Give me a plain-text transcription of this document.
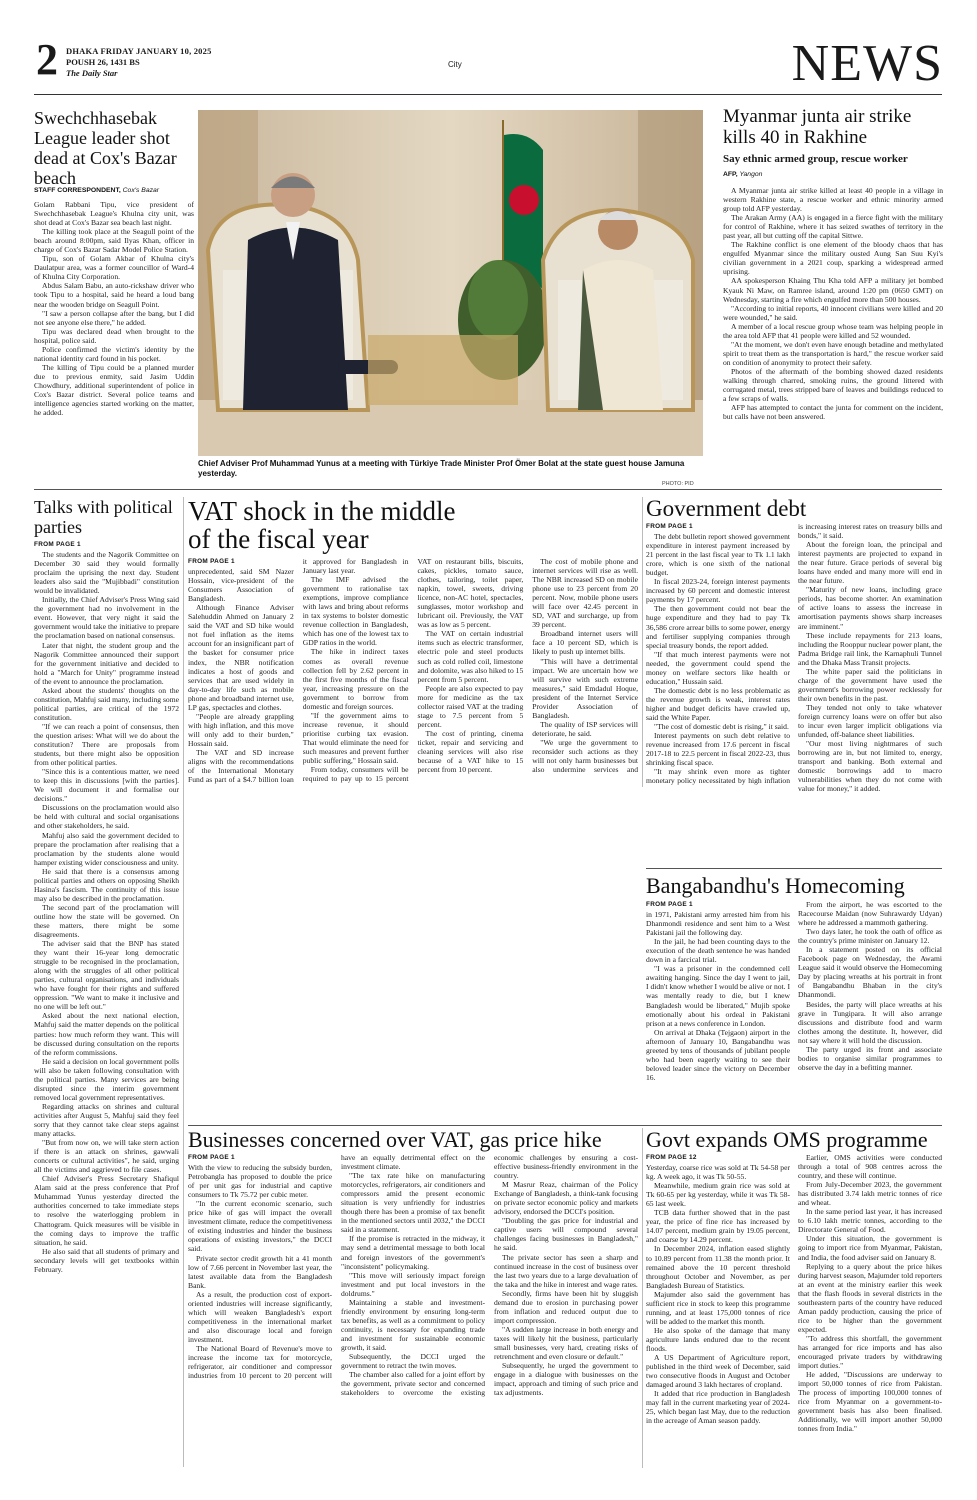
2 DHAKA FRIDAY JANUARY 10, 2025
POUSH 26, 1431 BS
The Daily Star
City	NEWS
Swechchhasebak League leader shot dead at Cox's Bazar beach
STAFF CORRESPONDENT, Cox's Bazar

Golam Rabbani Tipu, vice president of Swechchhasebak League's Khulna city unit, was shot dead at Cox's Bazar sea beach last night.

The killing took place at the Seagull point of the beach around 8:00pm, said Ilyas Khan, officer in charge of Cox's Bazar Sadar Model Police Station.

Tipu, son of Golam Akbar of Khulna city's Daulatpur area, was a former councillor of Ward-4 of Khulna City Corporation.

Abdus Salam Babu, an auto-rickshaw driver who took Tipu to a hospital, said he heard a loud bang near the wooden bridge on Seagull Point.

"I saw a person collapse after the bang, but I did not see anyone else there," he added.

Tipu was declared dead when brought to the hospital, police said.

Police confirmed the victim's identity by the national identity card found in his pocket.

The killing of Tipu could be a planned murder due to previous enmity, said Jasim Uddin Chowdhury, additional superintendent of police in Cox's Bazar district. Several police teams and intelligence agencies started working on the matter, he added.

Chief Adviser Prof Muhammad Yunus at a meeting with Türkiye Trade Minister Prof Ömer Bolat at the state guest house Jamuna yesterday.
PHOTO: PID
Myanmar junta air strike kills 40 in Rakhine
Say ethnic armed group, rescue worker
AFP, Yangon

A Myanmar junta air strike killed at least 40 people in a village in western Rakhine state, a rescue worker and ethnic minority armed group told AFP yesterday.

The Arakan Army (AA) is engaged in a fierce fight with the military for control of Rakhine, where it has seized swathes of territory in the past year, all but cutting off the capital Sittwe.

The Rakhine conflict is one element of the bloody chaos that has engulfed Myanmar since the military ousted Aung San Suu Kyi's civilian government in a 2021 coup, sparking a widespread armed uprising.

AA spokesperson Khaing Thu Kha told AFP a military jet bombed Kyauk Ni Maw, on Ramree island, around 1:20 pm (0650 GMT) on Wednesday, starting a fire which engulfed more than 500 houses.

"According to initial reports, 40 innocent civilians were killed and 20 were wounded," he said.

A member of a local rescue group whose team was helping people in the area told AFP that 41 people were killed and 52 wounded.

"At the moment, we don't even have enough betadine and methylated spirit to treat them as the transportation is hard," the rescue worker said on condition of anonymity to protect their safety.

Photos of the aftermath of the bombing showed dazed residents walking through charred, smoking ruins, the ground littered with corrugated metal, trees stripped bare of leaves and buildings reduced to a few scraps of walls.

AFP has attempted to contact the junta for comment on the incident, but calls have not been answered.

Talks with political parties
FROM PAGE 1

The students and the Nagorik Committee on December 30 said they would formally proclaim the uprising the next day. Student leaders also said the "Mujibbadi" constitution would be invalidated.

Initially, the Chief Adviser's Press Wing said the government had no involvement in the event. However, that very night it said the government would take the initiative to prepare the proclamation based on national consensus.

Later that night, the student group and the Nagorik Committee announced their support for the government initiative and decided to hold a "March for Unity" programme instead of the event to announce the proclamation.

Asked about the students' thoughts on the constitution, Mahfuj said many, including some political parties, are critical of the 1972 constitution.

"If we can reach a point of consensus, then the question arises: What will we do about the constitution? There are proposals from students, but there might also be opposition from other political parties.

"Since this is a contentious matter, we need to keep this in discussions [with the parties]. We will document it and formalise our decisions."

Discussions on the proclamation would also be held with cultural and social organisations and other stakeholders, he said.

Mahfuj also said the government decided to prepare the proclamation after realising that a proclamation by the students alone would hamper existing wider consciousness and unity.

He said that there is a consensus among political parties and others on opposing Sheikh Hasina's fascism. The continuity of this issue may also be described in the proclamation.

The second part of the proclamation will outline how the state will be governed. On these matters, there might be some disagreements.

The adviser said that the BNP has stated they want their 16-year long democratic struggle to be recognised in the proclamation, along with the struggles of all other political parties, cultural organisations, and individuals who have fought for their rights and suffered oppression. "We want to make it inclusive and no one will be left out."

Asked about the next national election, Mahfuj said the matter depends on the political parties: how much reform they want. This will be discussed during consultation on the reports of the reform commissions.

He said a decision on local government polls will also be taken following consultation with the political parties. Many services are being disrupted since the interim government removed local government representatives.

Regarding attacks on shrines and cultural activities after August 5, Mahfuj said they feel sorry that they cannot take clear steps against many attacks.

"But from now on, we will take stern action if there is an attack on shrines, gawwali concerts or cultural activities", he said, urging all the victims and aggrieved to file cases.

Chief Adviser's Press Secretary Shafiqul Alam said at the press conference that Prof Muhammad Yunus yesterday directed the authorities concerned to take immediate steps to resolve the waterlogging problem in Chattogram. Quick measures will be visible in the coming days to improve the traffic situation, he said.

He also said that all students of primary and secondary levels will get textbooks within February.

VAT shock in the middle of the fiscal year
FROM PAGE 1

unprecedented, said SM Nazer Hossain, vice-president of the Consumers Association of Bangladesh.

Although Finance Adviser Salehuddin Ahmed on January 2 said the VAT and SD hike would not fuel inflation as the items account for an insignificant part of the basket for consumer price index, the NBR notification indicates a host of goods and services that are used widely in day-to-day life such as mobile phone and broadband internet use, LP gas, spectacles and clothes.

"People are already grappling with high inflation, and this move will only add to their burden," Hossain said.

The VAT and SD increase aligns with the recommendations of the International Monetary Fund as part of a $4.7 billion loan it approved for Bangladesh in January last year.

The IMF advised the government to rationalise tax exemptions, improve compliance with laws and bring about reforms in tax systems to bolster domestic revenue collection in Bangladesh, which has one of the lowest tax to GDP ratios in the world.

The hike in indirect taxes comes as overall revenue collection fell by 2.62 percent in the first five months of the fiscal year, increasing pressure on the government to borrow from domestic and foreign sources.

"If the government aims to increase revenue, it should prioritise curbing tax evasion. That would eliminate the need for such measures and prevent further public suffering," Hossain said.

From today, consumers will be required to pay up to 15 percent VAT on restaurant bills, biscuits, cakes, pickles, tomato sauce, clothes, tailoring, toilet paper, napkin, towel, sweets, driving licence, non-AC hotel, spectacles, sunglasses, motor workshop and lubricant oil. Previously, the VAT was as low as 5 percent.

The VAT on certain industrial items such as electric transformer, electric pole and steel products such as cold rolled coil, limestone and dolomite, was also hiked to 15 percent from 5 percent.

People are also expected to pay more for medicine as the tax collector raised VAT at the trading stage to 7.5 percent from 5 percent.

The cost of printing, cinema ticket, repair and servicing and cleaning services will also rise because of a VAT hike to 15 percent from 10 percent.

The cost of mobile phone and internet services will rise as well. The NBR increased SD on mobile phone use to 23 percent from 20 percent. Now, mobile phone users will face over 42.45 percent in SD, VAT and surcharge, up from 39 percent.

Broadband internet users will face a 10 percent SD, which is likely to push up internet bills.

"This will have a detrimental impact. We are uncertain how we will survive with such extreme measures," said Emdadul Hoque, president of the Internet Service Provider Association of Bangladesh.

The quality of ISP services will deteriorate, he said.

"We urge the government to reconsider such actions as they will not only harm businesses but also undermine services and

Government debt
FROM PAGE 1

The debt bulletin report showed government expenditure in interest payment increased by 21 percent in the last fiscal year to Tk 1.1 lakh crore, which is one sixth of the national budget.

In fiscal 2023-24, foreign interest payments increased by 60 percent and domestic interest payments by 17 percent.

The then government could not bear the huge expenditure and they had to pay Tk 36,586 crore arrear bills to some power, energy and fertiliser supplying companies through special treasury bonds, the report added.

"If that much interest payments were not needed, the government could spend the money on welfare sectors like health or education," Hussain said.

The domestic debt is no less problematic as the revenue growth is weak, interest rates higher and budget deficits have crawled up, said the White Paper.

"The cost of domestic debt is rising," it said.

Interest payments on such debt relative to revenue increased from 17.6 percent in fiscal 2017-18 to 22.5 percent in fiscal 2022-23, thus shrinking fiscal space.

"It may shrink even more as tighter monetary policy necessitated by high inflation is increasing interest rates on treasury bills and bonds," it said.

About the foreign loan, the principal and interest payments are projected to expand in the near future. Grace periods of several big loans have ended and many more will end in the near future.

"Maturity of new loans, including grace periods, has become shorter. An examination of active loans to assess the increase in amortisation payments shows sharp increases are imminent."

These include repayments for 213 loans, including the Rooppur nuclear power plant, the Padma Bridge rail link, the Karnaphuli Tunnel and the Dhaka Mass Transit projects.

The white paper said the politicians in charge of the government have used the government's borrowing power recklessly for their own benefits in the past.

They tended not only to take whatever foreign currency loans were on offer but also to incur even larger implicit obligations via unfunded, off-balance sheet liabilities.

"Our most living nightmares of such borrowing are in, but not limited to, energy, transport and banking. Both external and domestic borrowings add to macro vulnerabilities when they do not come with value for money," it added.

Bangabandhu's Homecoming
FROM PAGE 1

in 1971, Pakistani army arrested him from his Dhanmondi residence and sent him to a West Pakistani jail the following day.

In the jail, he had been counting days to the execution of the death sentence he was handed down in a farcical trial.

"I was a prisoner in the condemned cell awaiting hanging. Since the day I went to jail, I didn't know whether I would be alive or not. I was mentally ready to die, but I knew Bangladesh would be liberated," Mujib spoke emotionally about his ordeal in Pakistani prison at a news conference in London.

On arrival at Dhaka (Tejgaon) airport in the afternoon of January 10, Bangabandhu was greeted by tens of thousands of jubilant people who had been eagerly waiting to see their beloved leader since the victory on December 16.

From the airport, he was escorted to the Racecourse Maidan (now Suhrawardy Udyan) where he addressed a mammoth gathering.

Two days later, he took the oath of office as the country's prime minister on January 12.

In a statement posted on its official Facebook page on Wednesday, the Awami League said it would observe the Homecoming Day by placing wreaths at his portrait in front of Bangabandhu Bhaban in the city's Dhanmondi.

Besides, the party will place wreaths at his grave in Tungipara. It will also arrange discussions and distribute food and warm clothes among the destitute. It, however, did not say where it will hold the discussion.

The party urged its front and associate bodies to organise similar programmes to observe the day in a befitting manner.

Businesses concerned over VAT, gas price hike
FROM PAGE 1

With the view to reducing the subsidy burden, Petrobangla has proposed to double the price of per unit gas for industrial and captive consumers to Tk 75.72 per cubic meter.

"In the current economic scenario, such price hike of gas will impact the overall investment climate, reduce the competitiveness of existing industries and hinder the business operations of existing investors," the DCCI said.

Private sector credit growth hit a 41 month low of 7.66 percent in November last year, the latest available data from the Bangladesh Bank.

As a result, the production cost of export-oriented industries will increase significantly, which will weaken Bangladesh's export competitiveness in the international market and also discourage local and foreign investment.

The National Board of Revenue's move to increase the income tax for motorcycle, refrigerator, air conditioner and compressor industries from 10 percent to 20 percent will have an equally detrimental effect on the investment climate.

"The tax rate hike on manufacturing motorcycles, refrigerators, air conditioners and compressors amid the present economic situation is very unfriendly for industries though there has been a promise of tax benefit in the mentioned sectors until 2032," the DCCI said in a statement.

If the promise is retracted in the midway, it may send a detrimental message to both local and foreign investors of the government's "inconsistent" policymaking.

"This move will seriously impact foreign investment and put local investors in the doldrums."

Maintaining a stable and investment-friendly environment by ensuring long-term tax benefits, as well as a commitment to policy continuity, is necessary for expanding trade and investment for sustainable economic growth, it said.

Subsequently, the DCCI urged the government to retract the twin moves.

The chamber also called for a joint effort by the government, private sector and concerned stakeholders to overcome the existing economic challenges by ensuring a cost-effective business-friendly environment in the country.

M Masrur Reaz, chairman of the Policy Exchange of Bangladesh, a think-tank focusing on private sector economic policy and markets advisory, endorsed the DCCI's position.

"Doubling the gas price for industrial and captive users will compound several challenges facing businesses in Bangladesh," he said.

The private sector has seen a sharp and continued increase in the cost of business over the last two years due to a large devaluation of the taka and the hike in interest and wage rates.

Secondly, firms have been hit by sluggish demand due to erosion in purchasing power from inflation and reduced output due to import compression.

"A sudden large increase in both energy and taxes will likely hit the business, particularly small businesses, very hard, creating risks of retrenchment and even closure or default."

Subsequently, he urged the government to engage in a dialogue with businesses on the impact, approach and timing of such price and tax adjustments.

Govt expands OMS programme
FROM PAGE 12

Yesterday, coarse rice was sold at Tk 54-58 per kg. A week ago, it was Tk 50-55.

Meanwhile, medium grain rice was sold at Tk 60-65 per kg yesterday, while it was Tk 58-65 last week.

TCB data further showed that in the past year, the price of fine rice has increased by 14.07 percent, medium grain by 19.05 percent, and coarse by 14.29 percent.

In December 2024, inflation eased slightly to 10.89 percent from 11.38 the month prior. It remained above the 10 percent threshold throughout October and November, as per Bangladesh Bureau of Statistics.

Majumder also said the government has sufficient rice in stock to keep this programme running, and at least 175,000 tonnes of rice will be added to the market this month.

He also spoke of the damage that many agriculture lands endured due to the recent floods.

A US Department of Agriculture report, published in the third week of December, said two consecutive floods in August and October damaged around 3 lakh hectares of cropland.

It added that rice production in Bangladesh may fall in the current marketing year of 2024-25, which began last May, due to the reduction in the acreage of Aman season paddy.

Earlier, OMS activities were conducted through a total of 908 centres across the country, and these will continue.

From July-December 2023, the government has distributed 3.74 lakh metric tonnes of rice and wheat.

In the same period last year, it has increased to 6.10 lakh metric tonnes, according to the Directorate General of Food.

Under this situation, the government is going to import rice from Myanmar, Pakistan, and India, the food adviser said on January 8.

Replying to a query about the price hikes during harvest season, Majumder told reporters at an event at the ministry earlier this week that the flash floods in several districts in the southeastern parts of the country have reduced Aman paddy production, causing the price of rice to be higher than the government expected.

"To address this shortfall, the government has arranged for rice imports and has also encouraged private traders by withdrawing import duties."

He added, "Discussions are underway to import 50,000 tonnes of rice from Pakistan. The process of importing 100,000 tonnes of rice from Myanmar on a government-to-government basis has also been finalised. Additionally, we will import another 50,000 tonnes from India."
